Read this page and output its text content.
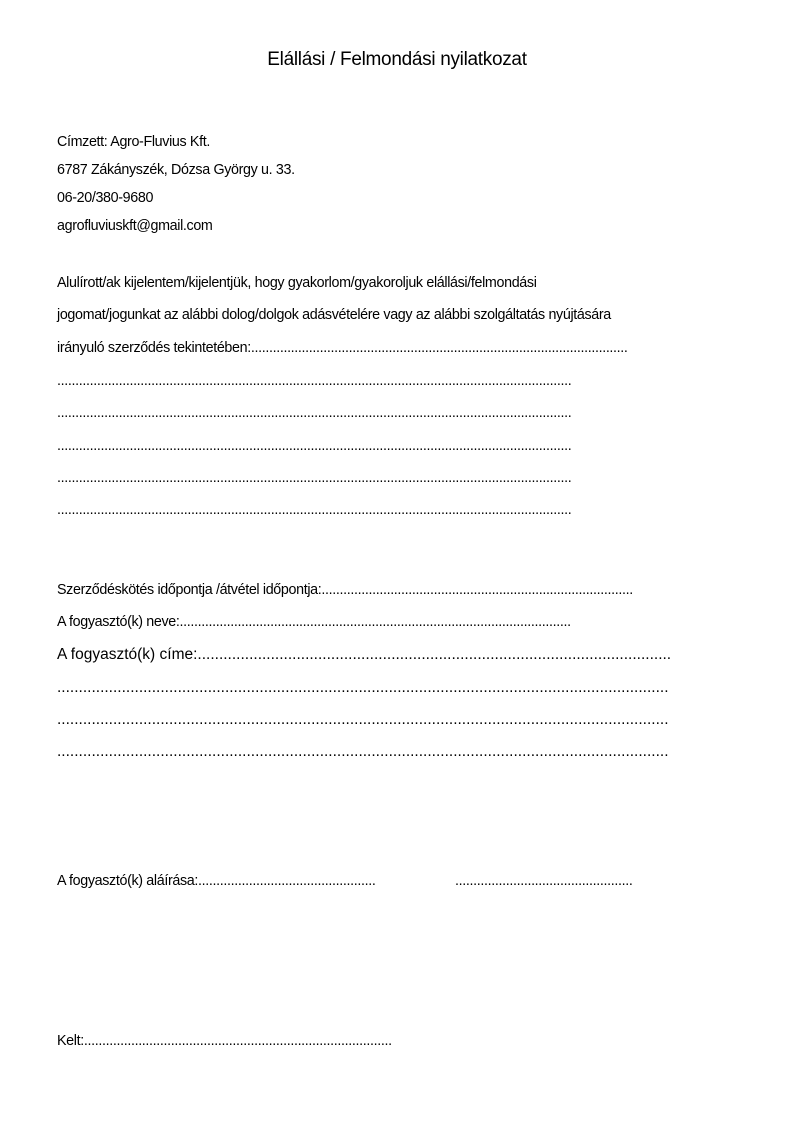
Elállási / Felmondási nyilatkozat
Címzett: Agro-Fluvius Kft.
6787 Zákányszék, Dózsa György u. 33.
06-20/380-9680
agrofluviuskft@gmail.com
Alulírott/ak kijelentem/kijelentjük, hogy gyakorlom/gyakoroljuk elállási/felmondási
jogomat/jogunkat az alábbi dolog/dolgok adásvételére vagy az alábbi szolgáltatás nyújtására
irányuló szerződés tekintetében:........................................................................................................
..............................................................................................................................................
..............................................................................................................................................
..............................................................................................................................................
..............................................................................................................................................
..............................................................................................................................................
Szerződéskötés időpontja /átvétel időpontja:......................................................................................
A fogyasztó(k) neve:............................................................................................................
A fogyasztó(k) címe:..............................................................................................................
..............................................................................................................................................
..............................................................................................................................................
..............................................................................................................................................
A fogyasztó(k) aláírása:.................................................	.................................................
Kelt:.....................................................................................
